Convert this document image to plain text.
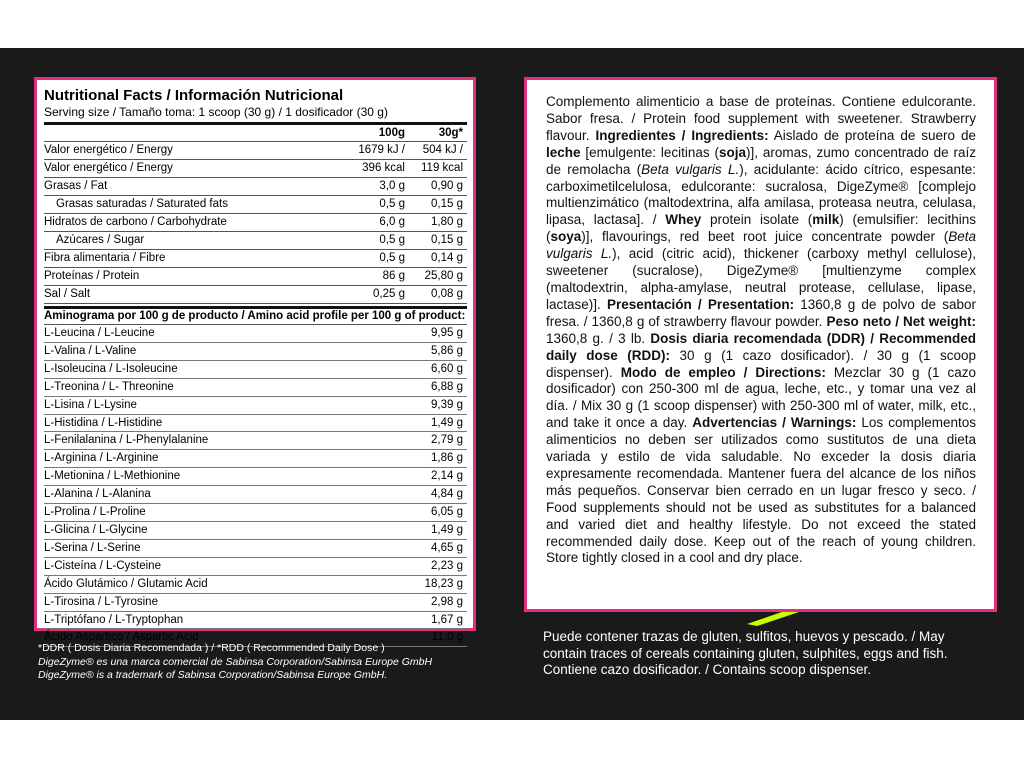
Nutritional Facts / Información Nutricional
Serving size / Tamaño toma: 1 scoop (30 g) / 1 dosificador (30 g)
	100g	30g*
Valor energético / Energy	1679 kJ /	504 kJ /
Valor energético / Energy	396 kcal	119 kcal
Grasas / Fat	3,0 g	0,90 g
Grasas saturadas / Saturated fats	0,5 g	0,15 g
Hidratos de carbono / Carbohydrate	6,0 g	1,80 g
Azúcares / Sugar	0,5 g	0,15 g
Fibra alimentaria / Fibre	0,5 g	0,14 g
Proteínas / Protein	86 g	25,80 g
Sal / Salt	0,25 g	0,08 g
Aminograma por 100 g de producto / Amino acid profile per 100 g of product:
L-Leucina / L-Leucine	9,95 g
L-Valina / L-Valine	5,86 g
L-Isoleucina / L-Isoleucine	6,60 g
L-Treonina / L- Threonine	6,88 g
L-Lisina / L-Lysine	9,39 g
L-Histidina / L-Histidine	1,49 g
L-Fenilalanina / L-Phenylalanine	2,79 g
L-Arginina / L-Arginine	1,86 g
L-Metionina / L-Methionine	2,14 g
L-Alanina / L-Alanina	4,84 g
L-Prolina / L-Proline	6,05 g
L-Glicina / L-Glycine	1,49 g
L-Serina / L-Serine	4,65 g
L-Cisteína / L-Cysteine	2,23 g
Ácido Glutámico / Glutamic Acid	18,23 g
L-Tirosina / L-Tyrosine	2,98 g
L-Triptófano / L-Tryptophan	1,67 g
Ácido Aspártico / Aspartic Acid	11,0 g
*DDR ( Dosis Diaria Recomendada ) / *RDD ( Recommended Daily Dose )
DigeZyme® es una marca comercial de Sabinsa Corporation/Sabinsa Europe GmbH
DigeZyme® is a trademark of Sabinsa Corporation/Sabinsa Europe GmbH.
Complemento alimenticio a base de proteínas. Contiene edulcorante. Sabor fresa. / Protein food supplement with sweetener. Strawberry flavour. Ingredientes / Ingredients: Aislado de proteína de suero de leche [emulgente: lecitinas (soja)], aromas, zumo concentrado de raíz de remolacha (Beta vulgaris L.), acidulante: ácido cítrico, espesante: carboximetilcelulosa, edulcorante: sucralosa, DigeZyme® [complejo multienzimático (maltodextrina, alfa amilasa, proteasa neutra, celulasa, lipasa, lactasa]. / Whey protein isolate (milk) (emulsifier: lecithins (soya)], flavourings, red beet root juice concentrate powder (Beta vulgaris L.), acid (citric acid), thickener (carboxy methyl cellulose), sweetener (sucralose), DigeZyme® [multienzyme complex (maltodextrin, alpha-amylase, neutral protease, cellulase, lipase, lactase)]. Presentación / Presentation: 1360,8 g de polvo de sabor fresa. / 1360,8 g of strawberry flavour powder. Peso neto / Net weight: 1360,8 g. / 3 lb. Dosis diaria recomendada (DDR) / Recommended daily dose (RDD): 30 g (1 cazo dosificador). / 30 g (1 scoop dispenser). Modo de empleo / Directions: Mezclar 30 g (1 cazo dosificador) con 250-300 ml de agua, leche, etc., y tomar una vez al día. / Mix 30 g (1 scoop dispenser) with 250-300 ml of water, milk, etc., and take it once a day. Advertencias / Warnings: Los complementos alimenticios no deben ser utilizados como sustitutos de una dieta variada y estilo de vida saludable. No exceder la dosis diaria expresamente recomendada. Mantener fuera del alcance de los niños más pequeños. Conservar bien cerrado en un lugar fresco y seco. / Food supplements should not be used as substitutes for a balanced and varied diet and healthy lifestyle. Do not exceed the stated recommended daily dose. Keep out of the reach of young children. Store tightly closed in a cool and dry place.
Puede contener trazas de gluten, sulfitos, huevos y pescado. / May contain traces of cereals containing gluten, sulphites, eggs and fish. Contiene cazo dosificador. / Contains scoop dispenser.
